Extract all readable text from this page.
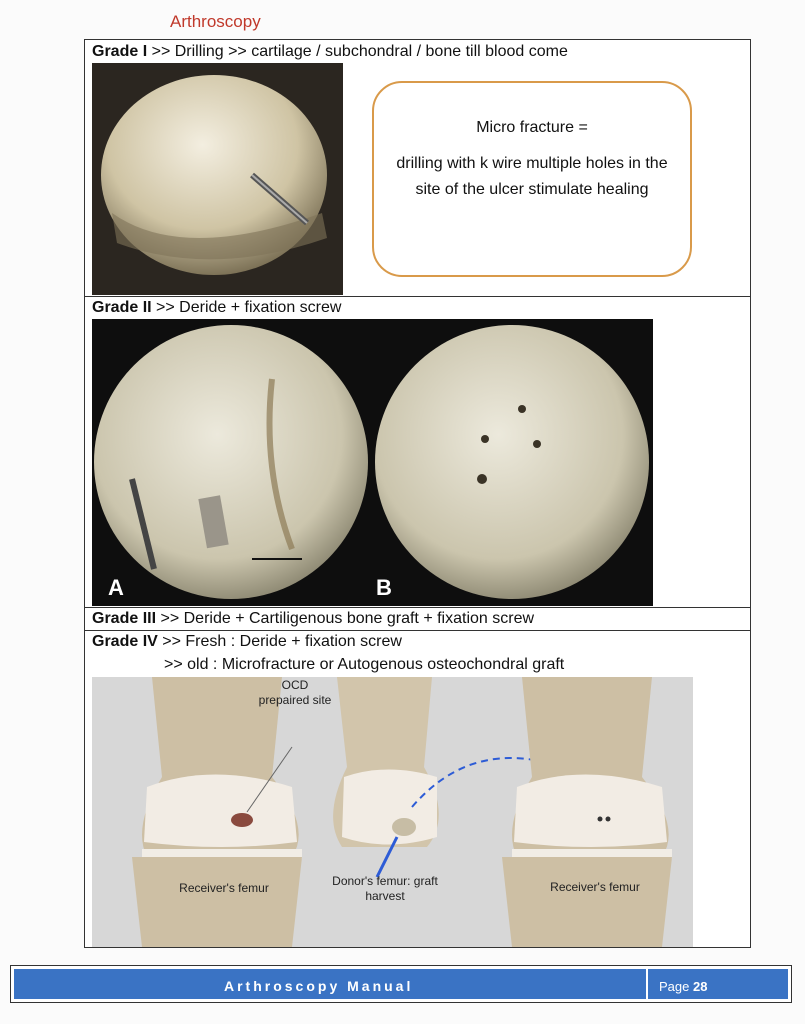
Arthroscopy
Grade I >> Drilling >> cartilage / subchondral / bone till blood come
Micro fracture =
drilling with k wire multiple holes in the site of the ulcer stimulate healing
Grade II >> Deride + fixation screw
A	B
Grade III >> Deride + Cartiligenous bone graft + fixation screw
Grade IV >> Fresh : Deride + fixation screw
>> old : Microfracture or Autogenous osteochondral graft
OCD prepaired site
Receiver's femur	Donor's femur: graft harvest
Receiver's femur
Arthroscopy Manual	Page 28
